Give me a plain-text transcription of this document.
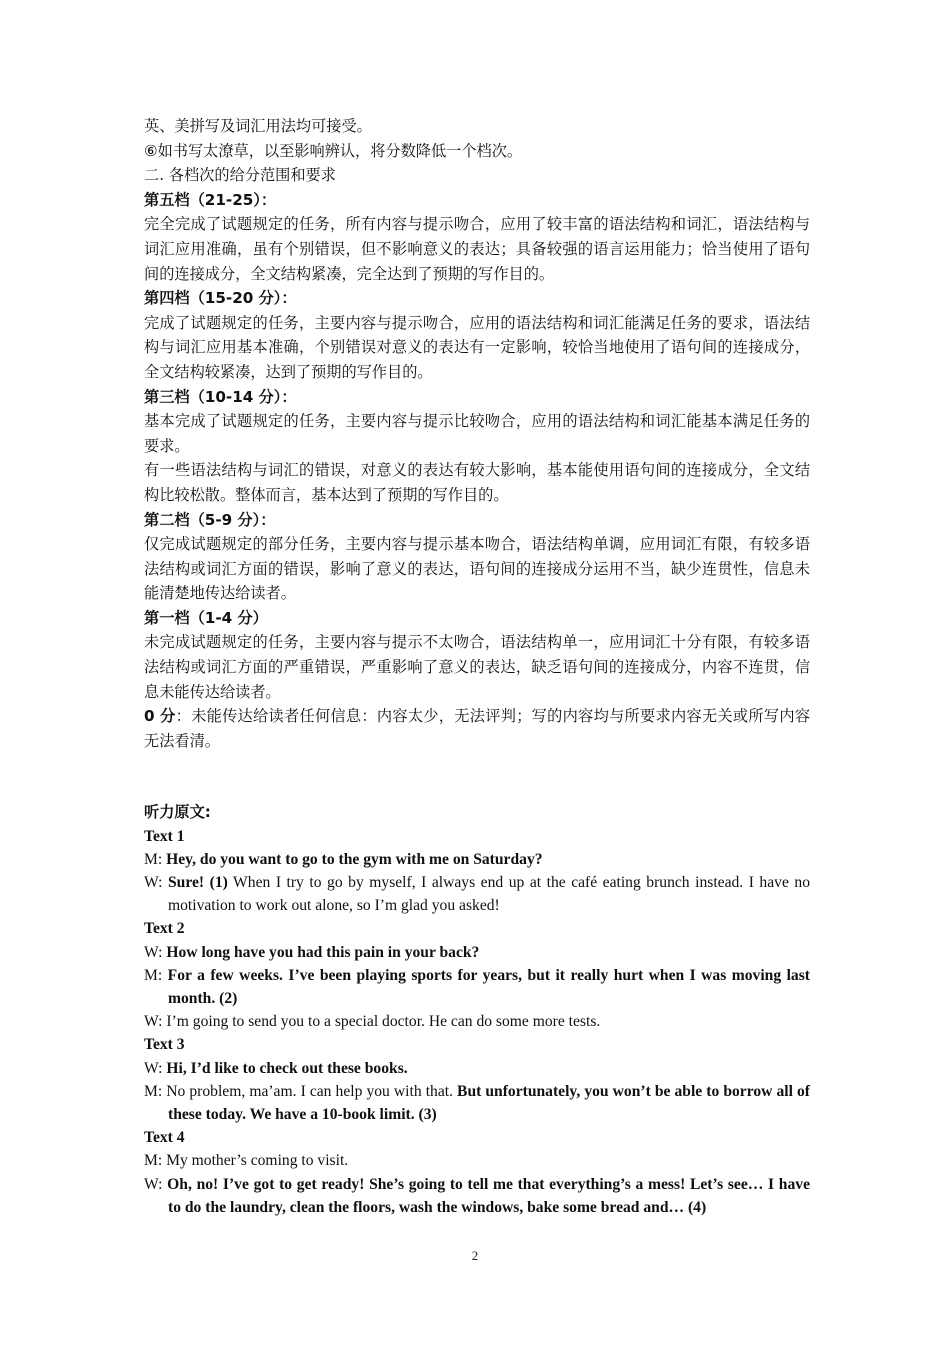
英、美拼写及词汇用法均可接受。

⑥如书写太潦草，以至影响辨认，将分数降低一个档次。

二. 各档次的给分范围和要求

第五档（21-25）：

完全完成了试题规定的任务，所有内容与提示吻合，应用了较丰富的语法结构和词汇，语法结构与词汇应用准确，虽有个别错误，但不影响意义的表达；具备较强的语言运用能力；恰当使用了语句间的连接成分，全文结构紧凑，完全达到了预期的写作目的。

第四档（15-20 分）：

完成了试题规定的任务，主要内容与提示吻合，应用的语法结构和词汇能满足任务的要求，语法结构与词汇应用基本准确，个别错误对意义的表达有一定影响，较恰当地使用了语句间的连接成分，全文结构较紧凑，达到了预期的写作目的。

第三档（10-14 分）：

基本完成了试题规定的任务，主要内容与提示比较吻合，应用的语法结构和词汇能基本满足任务的要求。

有一些语法结构与词汇的错误，对意义的表达有较大影响，基本能使用语句间的连接成分，全文结构比较松散。整体而言，基本达到了预期的写作目的。

第二档（5-9 分）：

仅完成试题规定的部分任务，主要内容与提示基本吻合，语法结构单调，应用词汇有限，有较多语法结构或词汇方面的错误，影响了意义的表达，语句间的连接成分运用不当，缺少连贯性，信息未能清楚地传达给读者。

第一档（1-4 分）

未完成试题规定的任务，主要内容与提示不太吻合，语法结构单一，应用词汇十分有限，有较多语法结构或词汇方面的严重错误，严重影响了意义的表达，缺乏语句间的连接成分，内容不连贯，信息未能传达给读者。

0 分：未能传达给读者任何信息：内容太少，无法评判；写的内容均与所要求内容无关或所写内容无法看清。

听力原文:

Text 1

M: Hey, do you want to go to the gym with me on Saturday?

W: Sure! (1) When I try to go by myself, I always end up at the café eating brunch instead. I have no motivation to work out alone, so I’m glad you asked!

Text 2

W: How long have you had this pain in your back?

M: For a few weeks. I’ve been playing sports for years, but it really hurt when I was moving last month. (2)

W: I’m going to send you to a special doctor. He can do some more tests.

Text 3

W: Hi, I’d like to check out these books.

M: No problem, ma’am. I can help you with that. But unfortunately, you won’t be able to borrow all of these today. We have a 10-book limit. (3)

Text 4

M: My mother’s coming to visit.

W: Oh, no! I’ve got to get ready! She’s going to tell me that everything’s a mess! Let’s see… I have to do the laundry, clean the floors, wash the windows, bake some bread and… (4)

2
